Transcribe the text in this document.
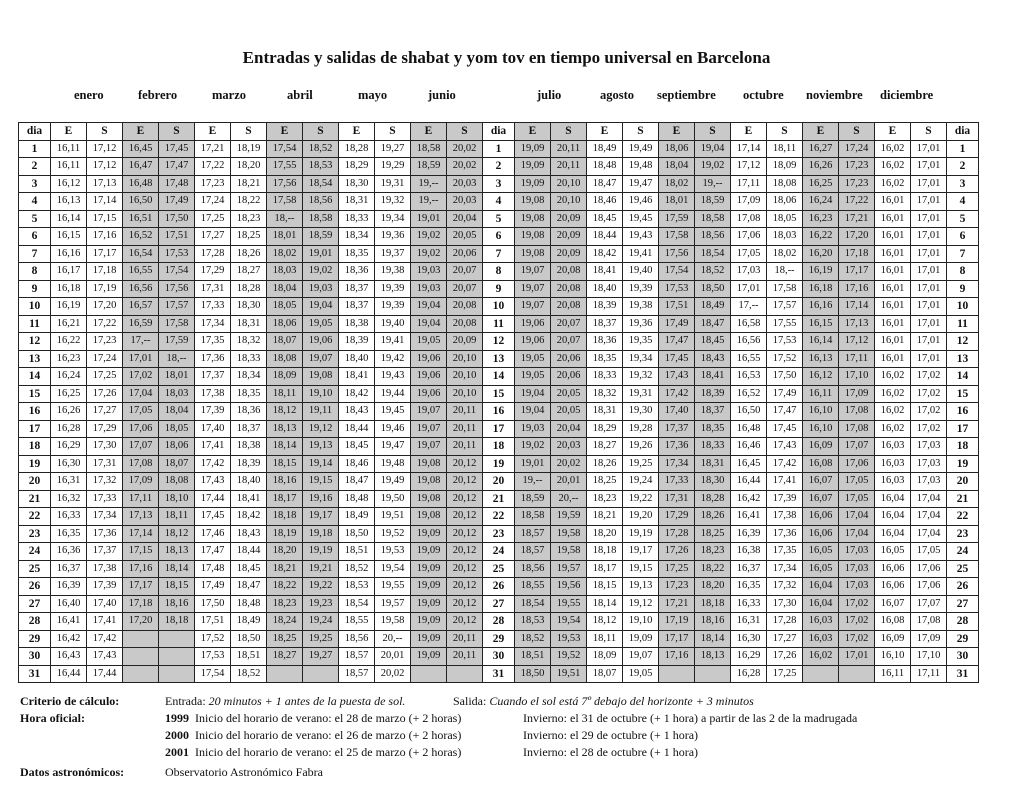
Entradas y salidas de shabat y yom tov en tiempo universal en Barcelona
enero	febrero	marzo	abril	mayo	junio	julio	agosto septiembre octubre noviembre diciembre
dia	E	S	E	S	E	S	E	S	E	S	E	S	dia	E	S	E	S	E	S	E	S	E	S	E	S	dia
1	16,11	17,12	16,45	17,45	17,21	18,19	17,54	18,52	18,28	19,27	18,58	20,02	1	19,09	20,11	18,49	19,49	18,06	19,04	17,14	18,11	16,27	17,24	16,02	17,01	1
2	16,11	17,12	16,47	17,47	17,22	18,20	17,55	18,53	18,29	19,29	18,59	20,02	2	19,09	20,11	18,48	19,48	18,04	19,02	17,12	18,09	16,26	17,23	16,02	17,01	2
3	16,12	17,13	16,48	17,48	17,23	18,21	17,56	18,54	18,30	19,31	19,--	20,03	3	19,09	20,10	18,47	19,47	18,02	19,--	17,11	18,08	16,25	17,23	16,02	17,01	3
4	16,13	17,14	16,50	17,49	17,24	18,22	17,58	18,56	18,31	19,32	19,--	20,03	4	19,08	20,10	18,46	19,46	18,01	18,59	17,09	18,06	16,24	17,22	16,01	17,01	4
5	16,14	17,15	16,51	17,50	17,25	18,23	18,--	18,58	18,33	19,34	19,01	20,04	5	19,08	20,09	18,45	19,45	17,59	18,58	17,08	18,05	16,23	17,21	16,01	17,01	5
6	16,15	17,16	16,52	17,51	17,27	18,25	18,01	18,59	18,34	19,36	19,02	20,05	6	19,08	20,09	18,44	19,43	17,58	18,56	17,06	18,03	16,22	17,20	16,01	17,01	6
7	16,16	17,17	16,54	17,53	17,28	18,26	18,02	19,01	18,35	19,37	19,02	20,06	7	19,08	20,09	18,42	19,41	17,56	18,54	17,05	18,02	16,20	17,18	16,01	17,01	7
8	16,17	17,18	16,55	17,54	17,29	18,27	18,03	19,02	18,36	19,38	19,03	20,07	8	19,07	20,08	18,41	19,40	17,54	18,52	17,03	18,--	16,19	17,17	16,01	17,01	8
9	16,18	17,19	16,56	17,56	17,31	18,28	18,04	19,03	18,37	19,39	19,03	20,07	9	19,07	20,08	18,40	19,39	17,53	18,50	17,01	17,58	16,18	17,16	16,01	17,01	9
10	16,19	17,20	16,57	17,57	17,33	18,30	18,05	19,04	18,37	19,39	19,04	20,08	10	19,07	20,08	18,39	19,38	17,51	18,49	17,--	17,57	16,16	17,14	16,01	17,01	10
11	16,21	17,22	16,59	17,58	17,34	18,31	18,06	19,05	18,38	19,40	19,04	20,08	11	19,06	20,07	18,37	19,36	17,49	18,47	16,58	17,55	16,15	17,13	16,01	17,01	11
12	16,22	17,23	17,--	17,59	17,35	18,32	18,07	19,06	18,39	19,41	19,05	20,09	12	19,06	20,07	18,36	19,35	17,47	18,45	16,56	17,53	16,14	17,12	16,01	17,01	12
13	16,23	17,24	17,01	18,--	17,36	18,33	18,08	19,07	18,40	19,42	19,06	20,10	13	19,05	20,06	18,35	19,34	17,45	18,43	16,55	17,52	16,13	17,11	16,01	17,01	13
14	16,24	17,25	17,02	18,01	17,37	18,34	18,09	19,08	18,41	19,43	19,06	20,10	14	19,05	20,06	18,33	19,32	17,43	18,41	16,53	17,50	16,12	17,10	16,02	17,02	14
15	16,25	17,26	17,04	18,03	17,38	18,35	18,11	19,10	18,42	19,44	19,06	20,10	15	19,04	20,05	18,32	19,31	17,42	18,39	16,52	17,49	16,11	17,09	16,02	17,02	15
16	16,26	17,27	17,05	18,04	17,39	18,36	18,12	19,11	18,43	19,45	19,07	20,11	16	19,04	20,05	18,31	19,30	17,40	18,37	16,50	17,47	16,10	17,08	16,02	17,02	16
17	16,28	17,29	17,06	18,05	17,40	18,37	18,13	19,12	18,44	19,46	19,07	20,11	17	19,03	20,04	18,29	19,28	17,37	18,35	16,48	17,45	16,10	17,08	16,02	17,02	17
18	16,29	17,30	17,07	18,06	17,41	18,38	18,14	19,13	18,45	19,47	19,07	20,11	18	19,02	20,03	18,27	19,26	17,36	18,33	16,46	17,43	16,09	17,07	16,03	17,03	18
19	16,30	17,31	17,08	18,07	17,42	18,39	18,15	19,14	18,46	19,48	19,08	20,12	19	19,01	20,02	18,26	19,25	17,34	18,31	16,45	17,42	16,08	17,06	16,03	17,03	19
20	16,31	17,32	17,09	18,08	17,43	18,40	18,16	19,15	18,47	19,49	19,08	20,12	20	19,--	20,01	18,25	19,24	17,33	18,30	16,44	17,41	16,07	17,05	16,03	17,03	20
21	16,32	17,33	17,11	18,10	17,44	18,41	18,17	19,16	18,48	19,50	19,08	20,12	21	18,59	20,--	18,23	19,22	17,31	18,28	16,42	17,39	16,07	17,05	16,04	17,04	21
22	16,33	17,34	17,13	18,11	17,45	18,42	18,18	19,17	18,49	19,51	19,08	20,12	22	18,58	19,59	18,21	19,20	17,29	18,26	16,41	17,38	16,06	17,04	16,04	17,04	22
23	16,35	17,36	17,14	18,12	17,46	18,43	18,19	19,18	18,50	19,52	19,09	20,12	23	18,57	19,58	18,20	19,19	17,28	18,25	16,39	17,36	16,06	17,04	16,04	17,04	23
24	16,36	17,37	17,15	18,13	17,47	18,44	18,20	19,19	18,51	19,53	19,09	20,12	24	18,57	19,58	18,18	19,17	17,26	18,23	16,38	17,35	16,05	17,03	16,05	17,05	24
25	16,37	17,38	17,16	18,14	17,48	18,45	18,21	19,21	18,52	19,54	19,09	20,12	25	18,56	19,57	18,17	19,15	17,25	18,22	16,37	17,34	16,05	17,03	16,06	17,06	25
26	16,39	17,39	17,17	18,15	17,49	18,47	18,22	19,22	18,53	19,55	19,09	20,12	26	18,55	19,56	18,15	19,13	17,23	18,20	16,35	17,32	16,04	17,03	16,06	17,06	26
27	16,40	17,40	17,18	18,16	17,50	18,48	18,23	19,23	18,54	19,57	19,09	20,12	27	18,54	19,55	18,14	19,12	17,21	18,18	16,33	17,30	16,04	17,02	16,07	17,07	27
28	16,41	17,41	17,20	18,18	17,51	18,49	18,24	19,24	18,55	19,58	19,09	20,12	28	18,53	19,54	18,12	19,10	17,19	18,16	16,31	17,28	16,03	17,02	16,08	17,08	28
29	16,42	17,42			17,52	18,50	18,25	19,25	18,56	20,--	19,09	20,11	29	18,52	19,53	18,11	19,09	17,17	18,14	16,30	17,27	16,03	17,02	16,09	17,09	29
30	16,43	17,43			17,53	18,51	18,27	19,27	18,57	20,01	19,09	20,11	30	18,51	19,52	18,09	19,07	17,16	18,13	16,29	17,26	16,02	17,01	16,10	17,10	30
31	16,44	17,44			17,54	18,52			18,57	20,02			31	18,50	19,51	18,07	19,05			16,28	17,25			16,11	17,11	31
Criterio de cálculo:	Entrada: 20 minutos + 1 antes de la puesta de sol.	Salida: Cuando el sol está 7º debajo del horizonte + 3 minutos
Hora oficial:	1999 Inicio del horario de verano: el 28 de marzo (+ 2 horas)	Invierno: el 31 de octubre (+ 1 hora) a partir de las 2 de la madrugada
2000 Inicio del horario de verano: el 26 de marzo (+ 2 horas)	Invierno: el 29 de octubre (+ 1 hora)
2001 Inicio del horario de verano: el 25 de marzo (+ 2 horas)	Invierno: el 28 de octubre (+ 1 hora)
Datos astronómicos:	Observatorio Astronómico Fabra
